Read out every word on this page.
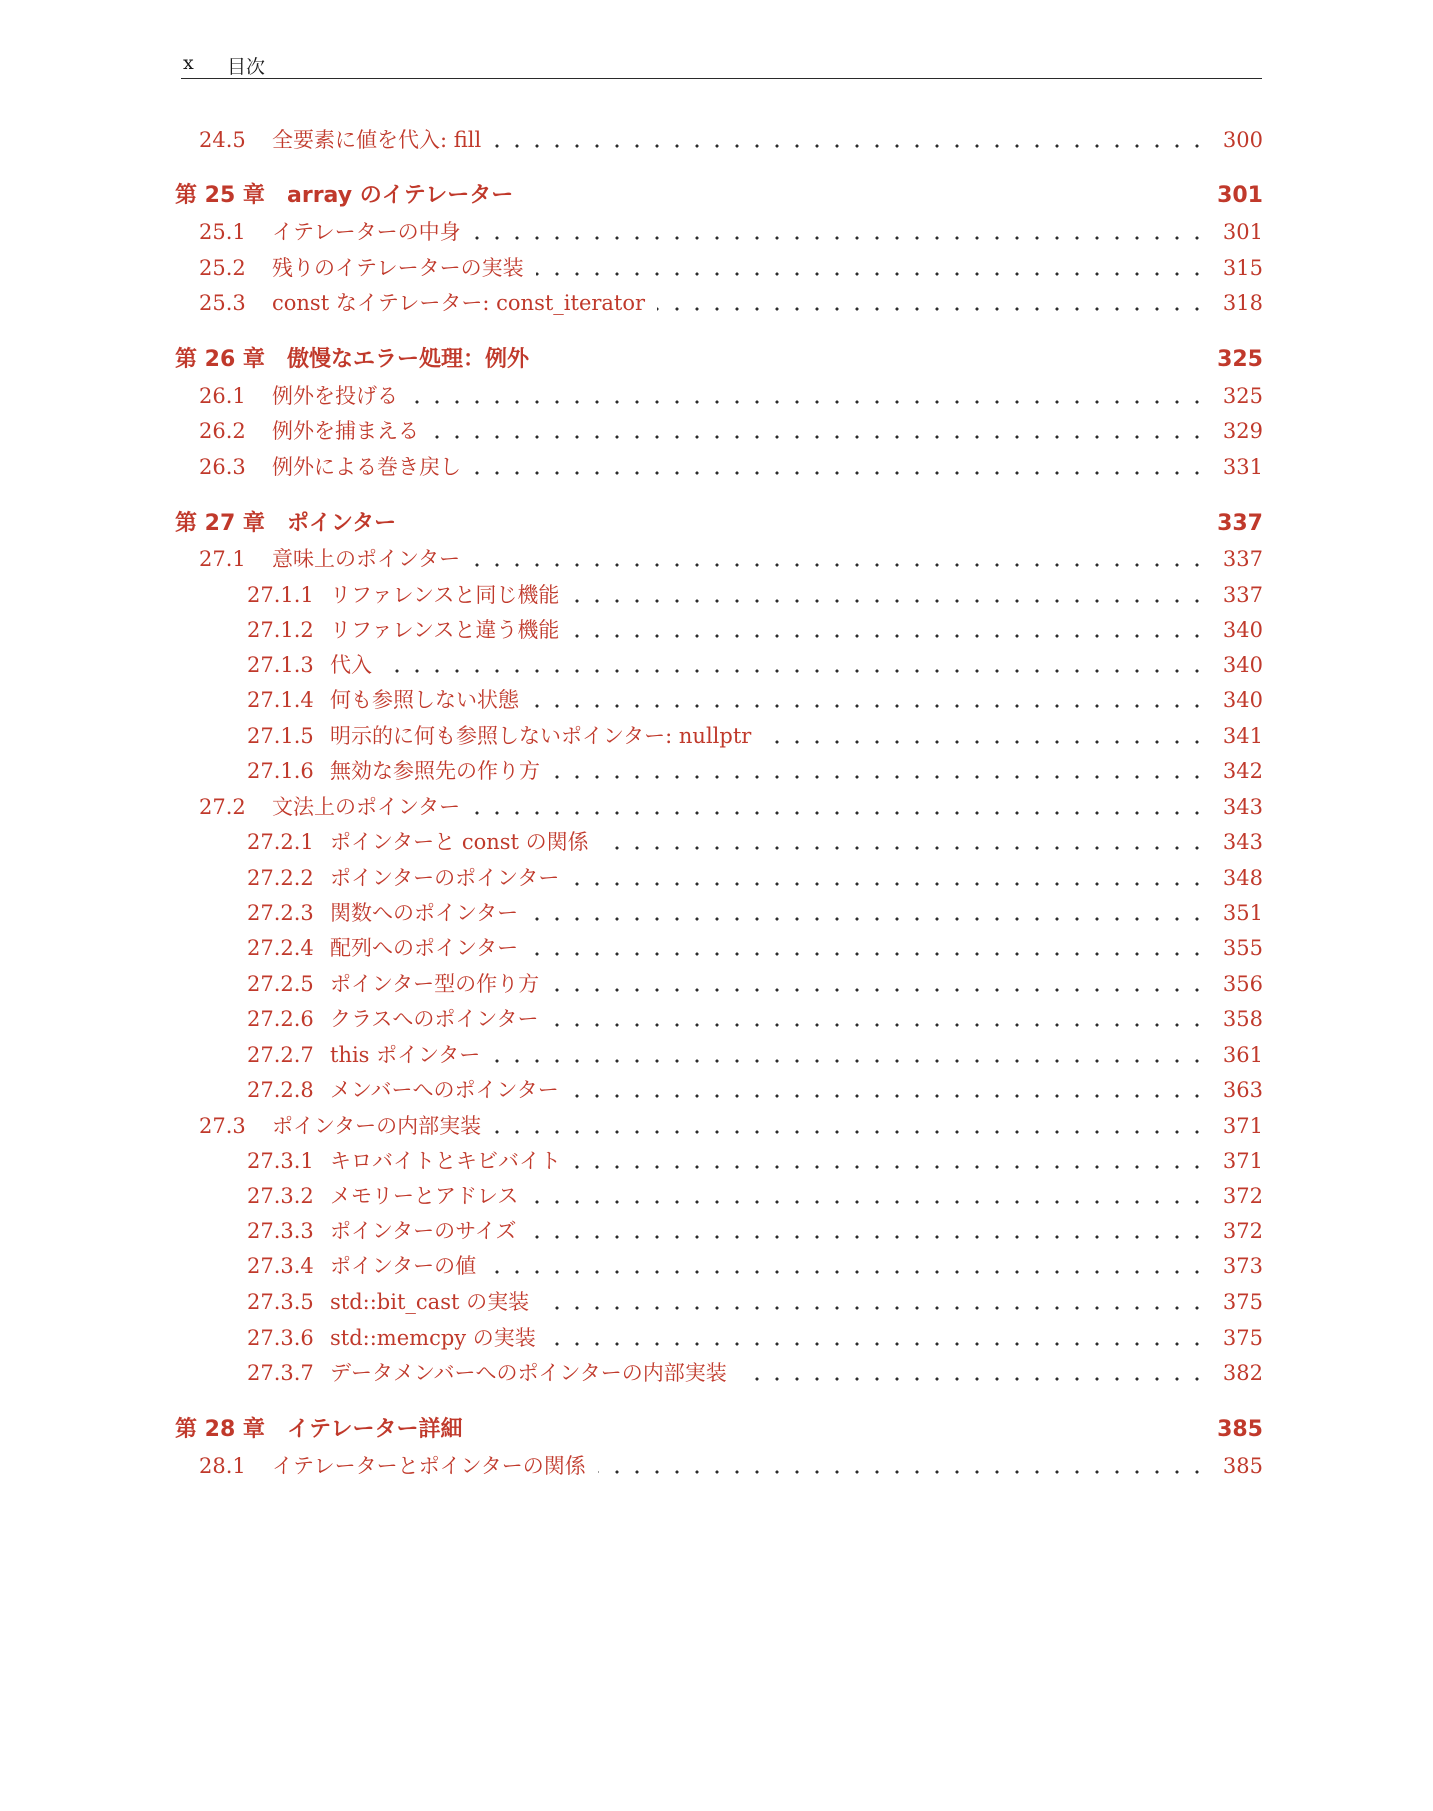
x 目次
24.5 全要素に値を代入: fill	300
第 25 章 array のイテレーター	301
25.1 イテレーターの中身	301
25.2 残りのイテレーターの実装	315
25.3 const なイテレーター: const_iterator	318
第 26 章 傲慢なエラー処理：例外	325
26.1 例外を投げる	325
26.2 例外を捕まえる	329
26.3 例外による巻き戻し	331
第 27 章 ポインター	337
27.1 意味上のポインター	337
27.1.1 リファレンスと同じ機能	337
27.1.2 リファレンスと違う機能	340
27.1.3 代入	340
27.1.4 何も参照しない状態	340
27.1.5 明示的に何も参照しないポインター: nullptr	341
27.1.6 無効な参照先の作り方	342
27.2 文法上のポインター	343
27.2.1 ポインターと const の関係	343
27.2.2 ポインターのポインター	348
27.2.3 関数へのポインター	351
27.2.4 配列へのポインター	355
27.2.5 ポインター型の作り方	356
27.2.6 クラスへのポインター	358
27.2.7 this ポインター	361
27.2.8 メンバーへのポインター	363
27.3 ポインターの内部実装	371
27.3.1 キロバイトとキビバイト	371
27.3.2 メモリーとアドレス	372
27.3.3 ポインターのサイズ	372
27.3.4 ポインターの値	373
27.3.5 std::bit_cast の実装	375
27.3.6 std::memcpy の実装	375
27.3.7 データメンバーへのポインターの内部実装	382
第 28 章 イテレーター詳細	385
28.1 イテレーターとポインターの関係	385
